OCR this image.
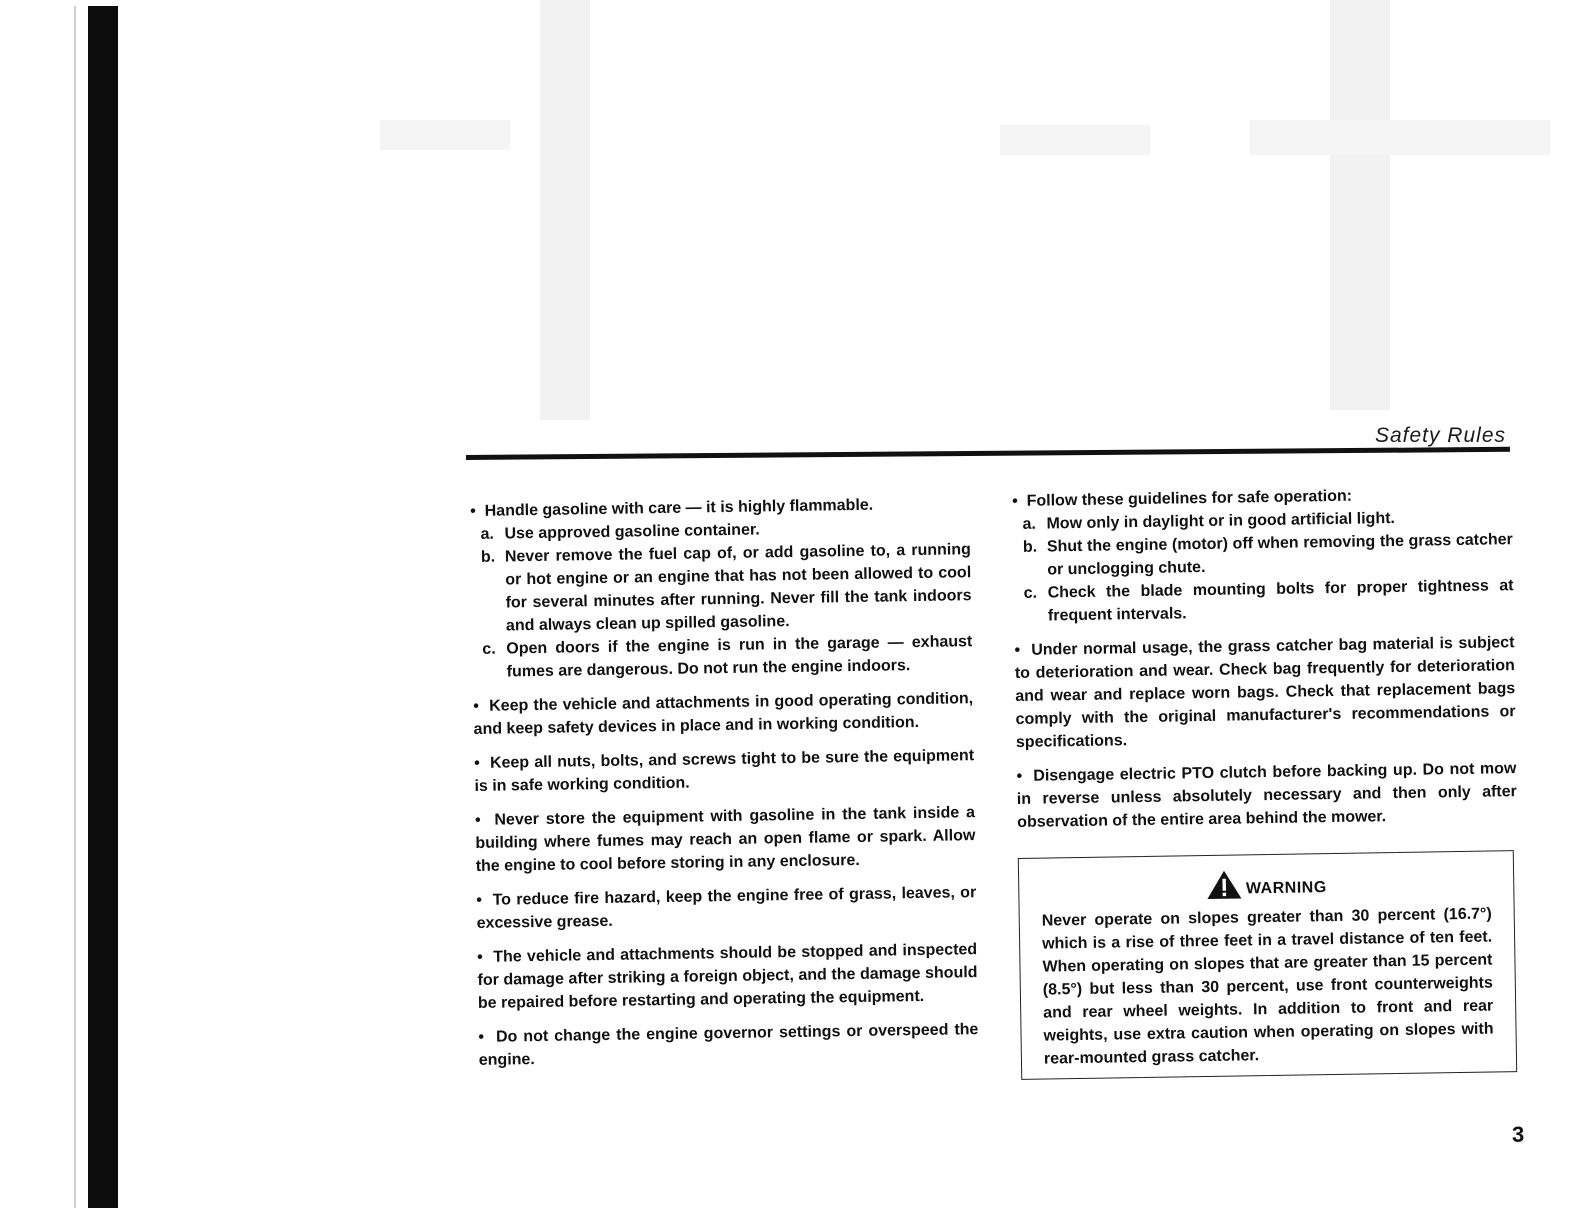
Safety Rules

•  Handle gasoline with care — it is highly flammable.

a. Use approved gasoline container.
b. Never remove the fuel cap of, or add gasoline to, a running or hot engine or an engine that has not been allowed to cool for several minutes after running. Never fill the tank indoors and always clean up spilled gasoline.
c. Open doors if the engine is run in the garage — exhaust fumes are dangerous. Do not run the engine indoors.

•  Keep the vehicle and attachments in good operating condition, and keep safety devices in place and in working condition.

•  Keep all nuts, bolts, and screws tight to be sure the equipment is in safe working condition.

•  Never store the equipment with gasoline in the tank inside a building where fumes may reach an open flame or spark. Allow the engine to cool before storing in any enclosure.

•  To reduce fire hazard, keep the engine free of grass, leaves, or excessive grease.

•  The vehicle and attachments should be stopped and inspected for damage after striking a foreign object, and the damage should be repaired before restarting and operating the equipment.

•  Do not change the engine governor settings or overspeed the engine.

•  Follow these guidelines for safe operation:

a. Mow only in daylight or in good artificial light.
b. Shut the engine (motor) off when removing the grass catcher or unclogging chute.
c. Check the blade mounting bolts for proper tightness at frequent intervals.

•  Under normal usage, the grass catcher bag material is subject to deterioration and wear. Check bag frequently for deterioration and wear and replace worn bags. Check that replacement bags comply with the original manufacturer's recommendations or specifications.

•  Disengage electric PTO clutch before backing up. Do not mow in reverse unless absolutely necessary and then only after observation of the entire area behind the mower.

WARNING
Never operate on slopes greater than 30 percent (16.7°) which is a rise of three feet in a travel distance of ten feet. When operating on slopes that are greater than 15 percent (8.5°) but less than 30 percent, use front counterweights and rear wheel weights. In addition to front and rear weights, use extra caution when operating on slopes with rear-mounted grass catcher.
3
